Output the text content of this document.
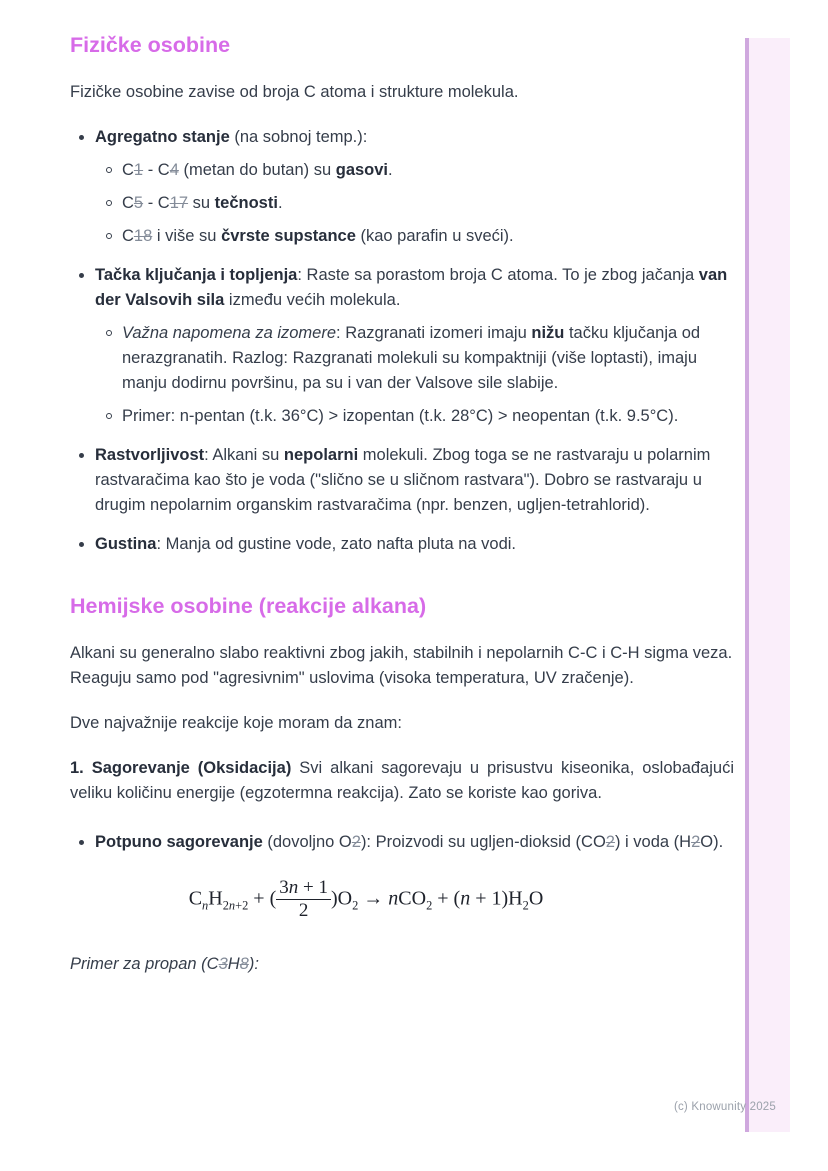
Fizičke osobine

Fizičke osobine zavise od broja C atoma i strukture molekula.

Agregatno stanje (na sobnoj temp.):
C1 - C4 (metan do butan) su gasovi.
C5 - C17 su tečnosti.
C18 i više su čvrste supstance (kao parafin u sveći).
Tačka ključanja i topljenja: Raste sa porastom broja C atoma. To je zbog jačanja van der Valsovih sila između većih molekula.
Važna napomena za izomere: Razgranati izomeri imaju nižu tačku ključanja od nerazgranatih. Razlog: Razgranati molekuli su kompaktniji (više loptasti), imaju manju dodirnu površinu, pa su i van der Valsove sile slabije.
Primer: n-pentan (t.k. 36°C) > izopentan (t.k. 28°C) > neopentan (t.k. 9.5°C).
Rastvorljivost: Alkani su nepolarni molekuli. Zbog toga se ne rastvaraju u polarnim rastvaračima kao što je voda ("slično se u sličnom rastvara"). Dobro se rastvaraju u drugim nepolarnim organskim rastvaračima (npr. benzen, ugljen-tetrahlorid).
Gustina: Manja od gustine vode, zato nafta pluta na vodi.
Hemijske osobine (reakcije alkana)

Alkani su generalno slabo reaktivni zbog jakih, stabilnih i nepolarnih C-C i C-H sigma veza. Reaguju samo pod "agresivnim" uslovima (visoka temperatura, UV zračenje).

Dve najvažnije reakcije koje moram da znam:

1. Sagorevanje (Oksidacija) Svi alkani sagorevaju u prisustvu kiseonika, oslobađajući veliku količinu energije (egzotermna reakcija). Zato se koriste kao goriva.

Potpuno sagorevanje (dovoljno O2): Proizvodi su ugljen-dioksid (CO2) i voda (H2O).
$C_nH_{2n+2}$ + ( $\frac{3n + 1}{2} )O_2 \to nCO_2 + (n + 1)H_2O$

Primer za propan (C3H8):

(c) Knowunity 2025
